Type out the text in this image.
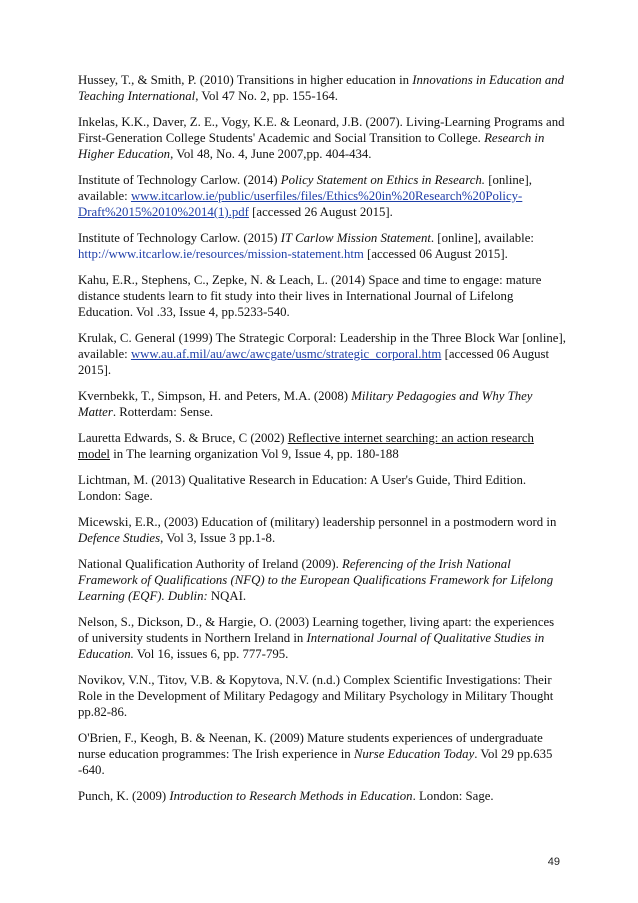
Hussey, T., & Smith, P. (2010) Transitions in higher education in Innovations in Education and Teaching International, Vol 47 No. 2, pp. 155-164.

Inkelas, K.K., Daver, Z. E., Vogy, K.E. & Leonard, J.B. (2007). Living-Learning Programs and First-Generation College Students' Academic and Social Transition to College. Research in Higher Education, Vol 48, No. 4, June 2007,pp. 404-434.

Institute of Technology Carlow. (2014) Policy Statement on Ethics in Research. [online], available: www.itcarlow.ie/public/userfiles/files/Ethics%20in%20Research%20Policy-Draft%2015%2010%2014(1).pdf [accessed 26 August 2015].

Institute of Technology Carlow. (2015) IT Carlow Mission Statement. [online], available: http://www.itcarlow.ie/resources/mission-statement.htm [accessed 06 August 2015].

Kahu, E.R., Stephens, C., Zepke, N. & Leach, L. (2014) Space and time to engage: mature distance students learn to fit study into their lives in International Journal of Lifelong Education. Vol .33, Issue 4, pp.5233-540.

Krulak, C. General (1999) The Strategic Corporal: Leadership in the Three Block War [online], available: www.au.af.mil/au/awc/awcgate/usmc/strategic_corporal.htm [accessed 06 August 2015].

Kvernbekk, T., Simpson, H. and Peters, M.A. (2008) Military Pedagogies and Why They Matter. Rotterdam: Sense.

Lauretta Edwards, S. & Bruce, C (2002) Reflective internet searching: an action research model in The learning organization Vol 9, Issue 4, pp. 180-188

Lichtman, M. (2013) Qualitative Research in Education: A User's Guide, Third Edition. London: Sage.

Micewski, E.R., (2003) Education of (military) leadership personnel in a postmodern word in Defence Studies, Vol 3, Issue 3 pp.1-8.

National Qualification Authority of Ireland (2009). Referencing of the Irish National Framework of Qualifications (NFQ) to the European Qualifications Framework for Lifelong Learning (EQF). Dublin: NQAI.

Nelson, S., Dickson, D., & Hargie, O. (2003) Learning together, living apart: the experiences of university students in Northern Ireland in International Journal of Qualitative Studies in Education. Vol 16, issues 6, pp. 777-795.

Novikov, V.N., Titov, V.B. & Kopytova, N.V. (n.d.) Complex Scientific Investigations: Their Role in the Development of Military Pedagogy and Military Psychology in Military Thought pp.82-86.

O'Brien, F., Keogh, B. & Neenan, K. (2009) Mature students experiences of undergraduate nurse education programmes: The Irish experience in Nurse Education Today. Vol 29 pp.635 -640.

Punch, K. (2009) Introduction to Research Methods in Education. London: Sage.

49
